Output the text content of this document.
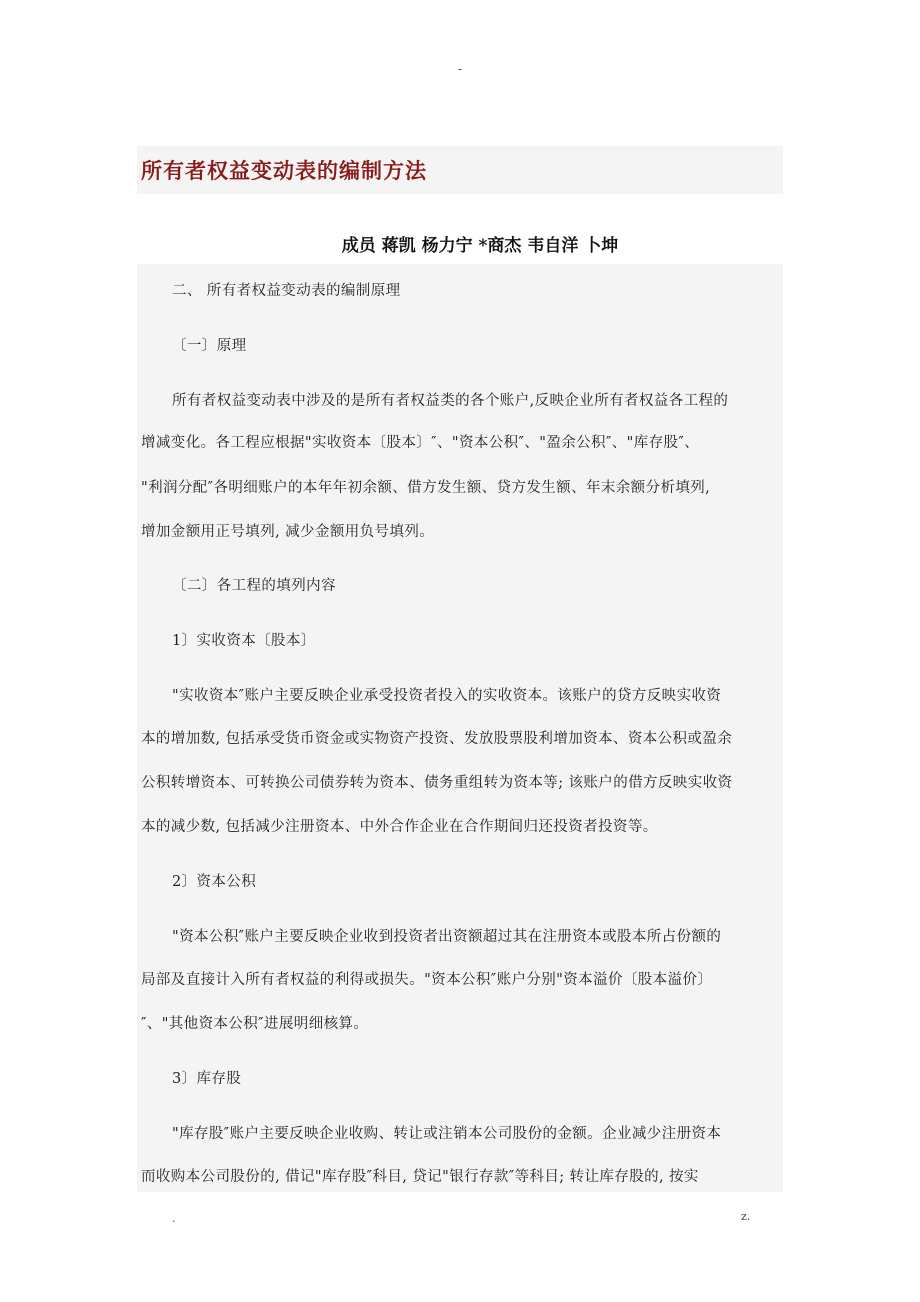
-
所有者权益变动表的编制方法
成员 蒋凯 杨力宁 *商杰 韦自洋 卜坤
二、 所有者权益变动表的编制原理
〔一〕原理
所有者权益变动表中涉及的是所有者权益类的各个账户,反映企业所有者权益各工程的
增减变化。各工程应根据"实收资本〔股本〕″、"资本公积″、"盈余公积″、"库存股″、
"利润分配″各明细账户的本年年初余额、借方发生额、贷方发生额、年末余额分析填列,
增加金额用正号填列, 减少金额用负号填列。
〔二〕各工程的填列内容
1〕实收资本〔股本〕
"实收资本″账户主要反映企业承受投资者投入的实收资本。该账户的贷方反映实收资
本的增加数, 包括承受货币资金或实物资产投资、发放股票股利增加资本、资本公积或盈余
公积转增资本、可转换公司债券转为资本、债务重组转为资本等; 该账户的借方反映实收资
本的减少数, 包括减少注册资本、中外合作企业在合作期间归还投资者投资等。
2〕资本公积
"资本公积″账户主要反映企业收到投资者出资额超过其在注册资本或股本所占份额的
局部及直接计入所有者权益的利得或损失。"资本公积″账户分别"资本溢价〔股本溢价〕
″、"其他资本公积″进展明细核算。
3〕库存股
"库存股″账户主要反映企业收购、转让或注销本公司股份的金额。企业减少注册资本
而收购本公司股份的, 借记"库存股″科目, 贷记"银行存款″等科目; 转让库存股的, 按实
.	z.
